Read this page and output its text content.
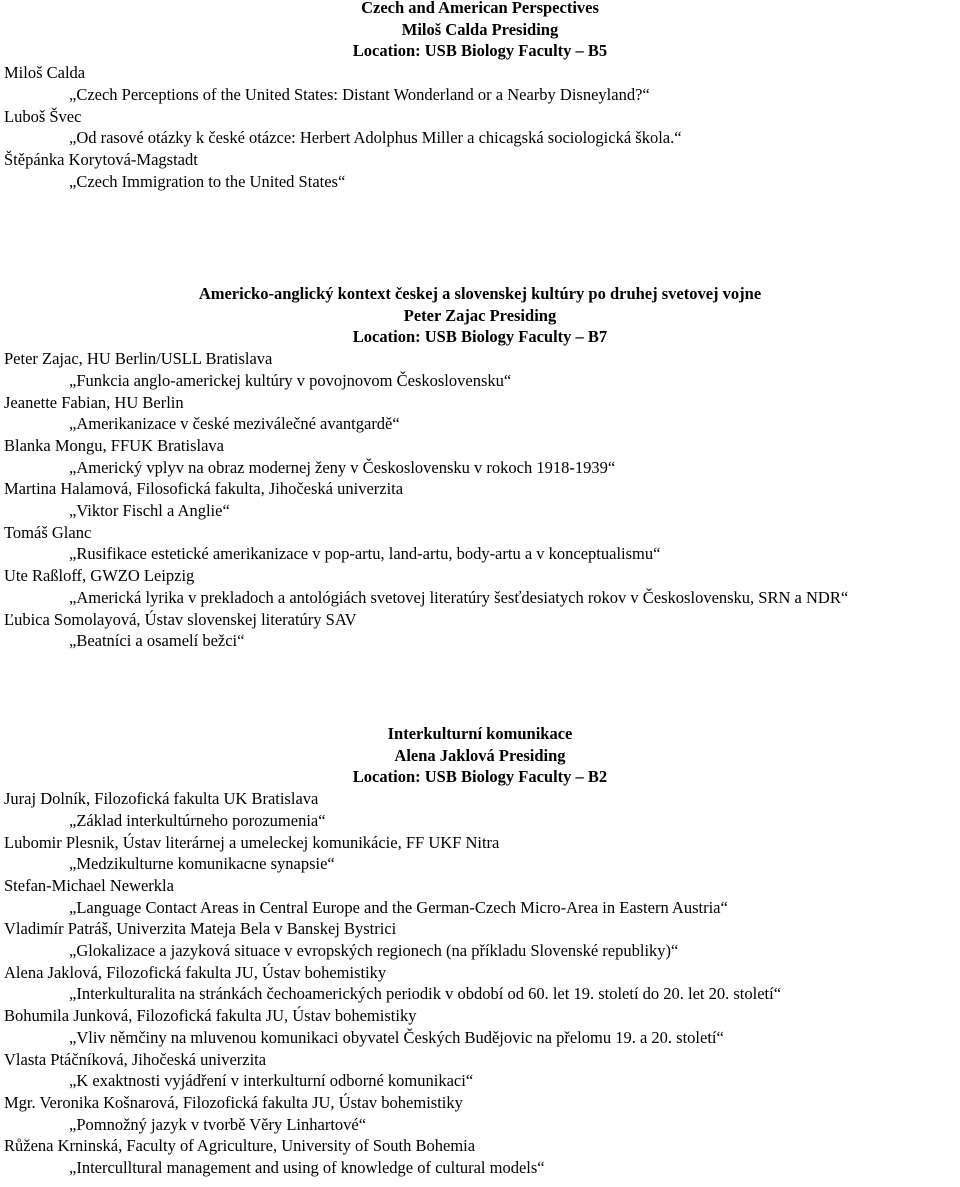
Czech and American Perspectives
Miloš Calda Presiding
Location: USB Biology Faculty – B5
Miloš Calda
„Czech Perceptions of the United States: Distant Wonderland or a Nearby Disneyland?“
Luboš Švec
„Od rasové otázky k české otázce: Herbert Adolphus Miller a chicagská sociologická škola.“
Štěpánka Korytová-Magstadt
„Czech Immigration to the United States“
Americko-anglický kontext českej a slovenskej kultúry po druhej svetovej vojne
Peter Zajac Presiding
Location: USB Biology Faculty – B7
Peter Zajac, HU Berlin/USLL Bratislava
„Funkcia anglo-americkej kultúry v povojnovom Československu“
Jeanette Fabian, HU Berlin
„Amerikanizace v české meziválečné avantgardě“
Blanka Mongu, FFUK Bratislava
„Americký vplyv na obraz modernej ženy v Československu v rokoch 1918-1939“
Martina Halamová, Filosofická fakulta, Jihočeská univerzita
„Viktor Fischl a Anglie“
Tomáš Glanc
„Rusifikace estetické amerikanizace v pop-artu, land-artu, body-artu a v konceptualismu“
Ute Raßloff, GWZO Leipzig
„Americká lyrika v prekladoch a antológiách svetovej literatúry šesťdesiatych rokov v Československu, SRN a NDR“
Ľubica Somolayová, Ústav slovenskej literatúry SAV
„Beatníci a osamelí bežci“
Interkulturní komunikace
Alena Jaklová Presiding
Location: USB Biology Faculty – B2
Juraj Dolník, Filozofická fakulta UK Bratislava
„Základ interkultúrneho porozumenia“
Lubomir Plesnik, Ústav literárnej a umeleckej komunikácie, FF UKF Nitra
„Medzikulturne komunikacne synapsie“
Stefan-Michael Newerkla
„Language Contact Areas in Central Europe and the German-Czech Micro-Area in Eastern Austria“
Vladimír Patráš, Univerzita Mateja Bela v Banskej Bystrici
„Glokalizace a jazyková situace v evropských regionech (na příkladu Slovenské republiky)“
Alena Jaklová, Filozofická fakulta JU, Ústav bohemistiky
„Interkulturalita na stránkách čechoamerických periodik v období od 60. let 19. století do 20. let 20. století“
Bohumila Junková, Filozofická fakulta JU, Ústav bohemistiky
„Vliv němčiny na mluvenou komunikaci obyvatel Českých Budějovic na přelomu 19. a 20. století“
Vlasta Ptáčníková, Jihočeská univerzita
„K exaktnosti vyjádření v interkulturní odborné komunikaci“
Mgr. Veronika Košnarová, Filozofická fakulta JU, Ústav bohemistiky
„Pomnožný jazyk v tvorbě Věry Linhartové“
Růžena Krninská, Faculty of Agriculture, University of South Bohemia
„Interculltural management and using of knowledge of cultural models“
